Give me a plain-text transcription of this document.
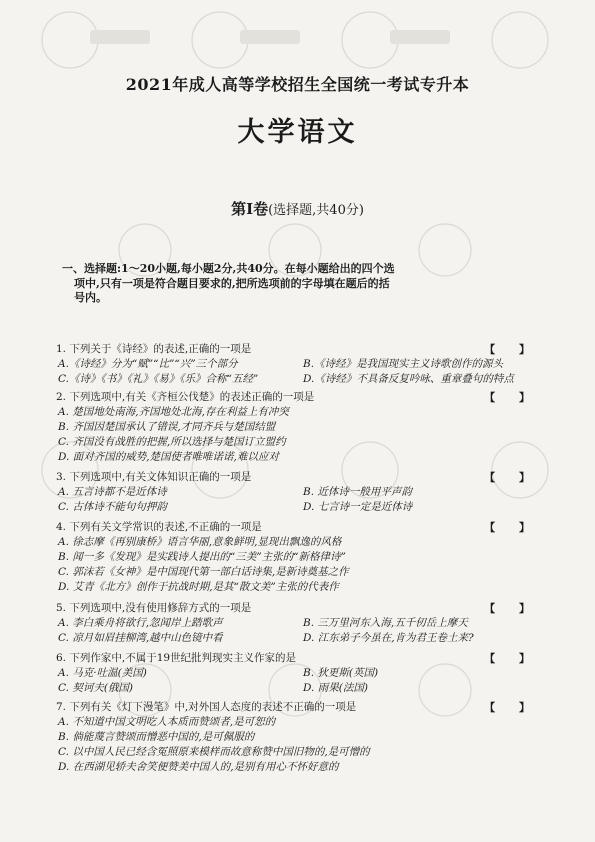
2021年成人高等学校招生全国统一考试专升本
大学语文
第Ⅰ卷(选择题,共40分)
一、选择题:1～20小题,每小题2分,共40分。在每小题给出的四个选
项中,只有一项是符合题目要求的,把所选项前的字母填在题后的括
号内。
1. 下列关于《诗经》的表述,正确的一项是	【 】
A.《诗经》分为“赋”“比”“兴”三个部分	B.《诗经》是我国现实主义诗歌创作的源头
C.《诗》《书》《礼》《易》《乐》合称“五经”	D.《诗经》不具备反复吟咏、重章叠句的特点
2. 下列选项中,有关《齐桓公伐楚》的表述正确的一项是	【 】
A. 楚国地处南海,齐国地处北海,存在利益上有冲突
B. 齐国因楚国承认了错误,才同齐兵与楚国结盟
C. 齐国没有战胜的把握,所以选择与楚国订立盟约
D. 面对齐国的威势,楚国使者唯唯诺诺,难以应对
3. 下列选项中,有关文体知识正确的一项是	【 】
A. 五言诗都不是近体诗	B. 近体诗一般用平声韵
C. 古体诗不能句句押韵	D. 七言诗一定是近体诗
4. 下列有关文学常识的表述,不正确的一项是	【 】
A. 徐志摩《再别康桥》语言华丽,意象鲜明,显现出飘逸的风格
B. 闻一多《发现》是实践诗人提出的“三美”主张的“新格律诗”
C. 郭沫若《女神》是中国现代第一部白话诗集,是新诗奠基之作
D. 艾青《北方》创作于抗战时期,是其“散文美”主张的代表作
5. 下列选项中,没有使用修辞方式的一项是	【 】
A. 李白乘舟将欲行,忽闻岸上踏歌声	B. 三万里河东入海,五千仞岳上摩天
C. 凉月如眉挂柳湾,越中山色镜中看	D. 江东弟子今虽在,肯为君王卷土来?
6. 下列作家中,不属于19世纪批判现实主义作家的是	【 】
A. 马克·吐温(美国)	B. 狄更斯(英国)
C. 契诃夫(俄国)	D. 雨果(法国)
7. 下列有关《灯下漫笔》中,对外国人态度的表述不正确的一项是	【 】
A. 不知道中国文明吃人本质而赞颂者,是可恕的
B. 倘能蔑言赞颂而憎恶中国的,是可佩服的
C. 以中国人民已经含冤照原来模样而故意称赞中国旧物的,是可憎的
D. 在西湖见轿夫舍笑便赞美中国人的,是别有用心不怀好意的
